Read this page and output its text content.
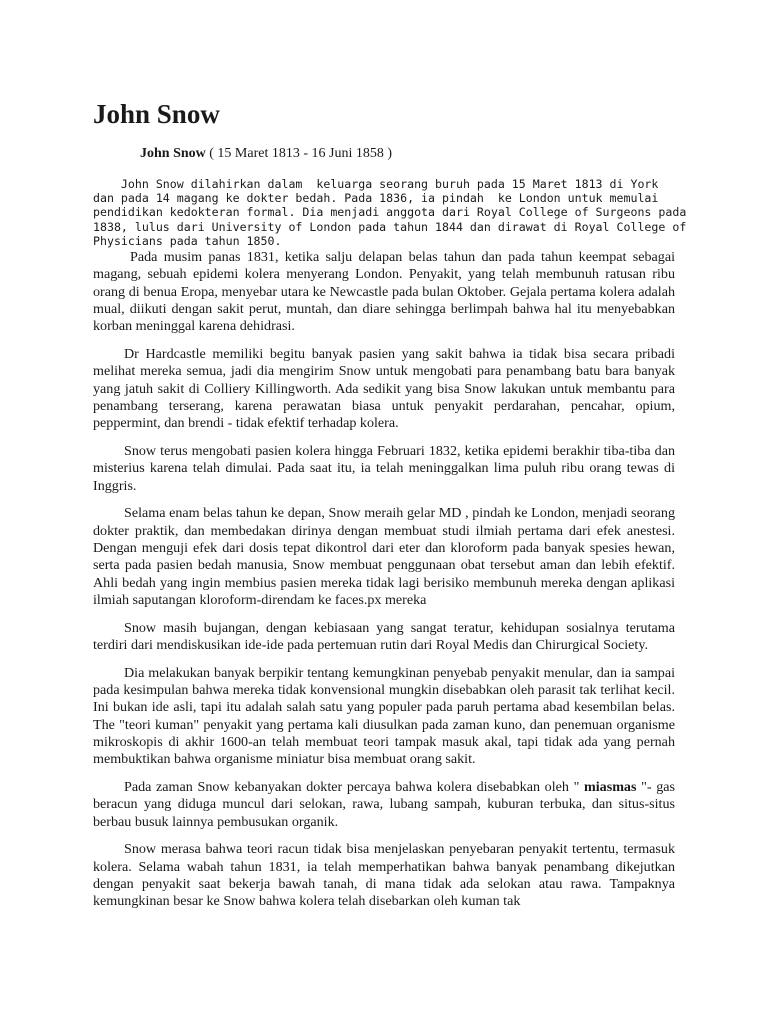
John Snow
John Snow ( 15 Maret 1813 - 16 Juni 1858 )
John Snow dilahirkan dalam  keluarga seorang buruh pada 15 Maret 1813 di York
dan pada 14 magang ke dokter bedah. Pada 1836, ia pindah  ke London untuk memulai
pendidikan kedokteran formal. Dia menjadi anggota dari Royal College of Surgeons pada
1838, lulus dari University of London pada tahun 1844 dan dirawat di Royal College of
Physicians pada tahun 1850.

Pada musim panas 1831, ketika salju delapan belas tahun dan pada tahun keempat sebagai magang, sebuah epidemi kolera menyerang London. Penyakit, yang telah membunuh ratusan ribu orang di benua Eropa, menyebar utara ke Newcastle pada bulan Oktober. Gejala pertama kolera adalah mual, diikuti dengan sakit perut, muntah, dan diare sehingga berlimpah bahwa hal itu menyebabkan korban meninggal karena dehidrasi.

Dr Hardcastle memiliki begitu banyak pasien yang sakit bahwa ia tidak bisa secara pribadi melihat mereka semua, jadi dia mengirim Snow untuk mengobati para penambang batu bara banyak yang jatuh sakit di Colliery Killingworth. Ada sedikit yang bisa Snow lakukan untuk membantu para penambang terserang, karena perawatan biasa untuk penyakit perdarahan, pencahar, opium, peppermint, dan brendi - tidak efektif terhadap kolera.

Snow terus mengobati pasien kolera hingga Februari 1832, ketika epidemi berakhir tiba-tiba dan misterius karena telah dimulai. Pada saat itu, ia telah meninggalkan lima puluh ribu orang tewas di Inggris.

Selama enam belas tahun ke depan, Snow meraih gelar MD , pindah ke London, menjadi seorang dokter praktik, dan membedakan dirinya dengan membuat studi ilmiah pertama dari efek anestesi. Dengan menguji efek dari dosis tepat dikontrol dari eter dan kloroform pada banyak spesies hewan, serta pada pasien bedah manusia, Snow membuat penggunaan obat tersebut aman dan lebih efektif. Ahli bedah yang ingin membius pasien mereka tidak lagi berisiko membunuh mereka dengan aplikasi ilmiah saputangan kloroform-direndam ke faces.px mereka

Snow masih bujangan, dengan kebiasaan yang sangat teratur, kehidupan sosialnya terutama terdiri dari mendiskusikan ide-ide pada pertemuan rutin dari Royal Medis dan Chirurgical Society.

Dia melakukan banyak berpikir tentang kemungkinan penyebab penyakit menular, dan ia sampai pada kesimpulan bahwa mereka tidak konvensional mungkin disebabkan oleh parasit tak terlihat kecil. Ini bukan ide asli, tapi itu adalah salah satu yang populer pada paruh pertama abad kesembilan belas. The "teori kuman" penyakit yang pertama kali diusulkan pada zaman kuno, dan penemuan organisme mikroskopis di akhir 1600-an telah membuat teori tampak masuk akal, tapi tidak ada yang pernah membuktikan bahwa organisme miniatur bisa membuat orang sakit.

Pada zaman Snow kebanyakan dokter percaya bahwa kolera disebabkan oleh " miasmas "- gas beracun yang diduga muncul dari selokan, rawa, lubang sampah, kuburan terbuka, dan situs-situs berbau busuk lainnya pembusukan organik.

Snow merasa bahwa teori racun tidak bisa menjelaskan penyebaran penyakit tertentu, termasuk kolera. Selama wabah tahun 1831, ia telah memperhatikan bahwa banyak penambang dikejutkan dengan penyakit saat bekerja bawah tanah, di mana tidak ada selokan atau rawa. Tampaknya kemungkinan besar ke Snow bahwa kolera telah disebarkan oleh kuman tak
